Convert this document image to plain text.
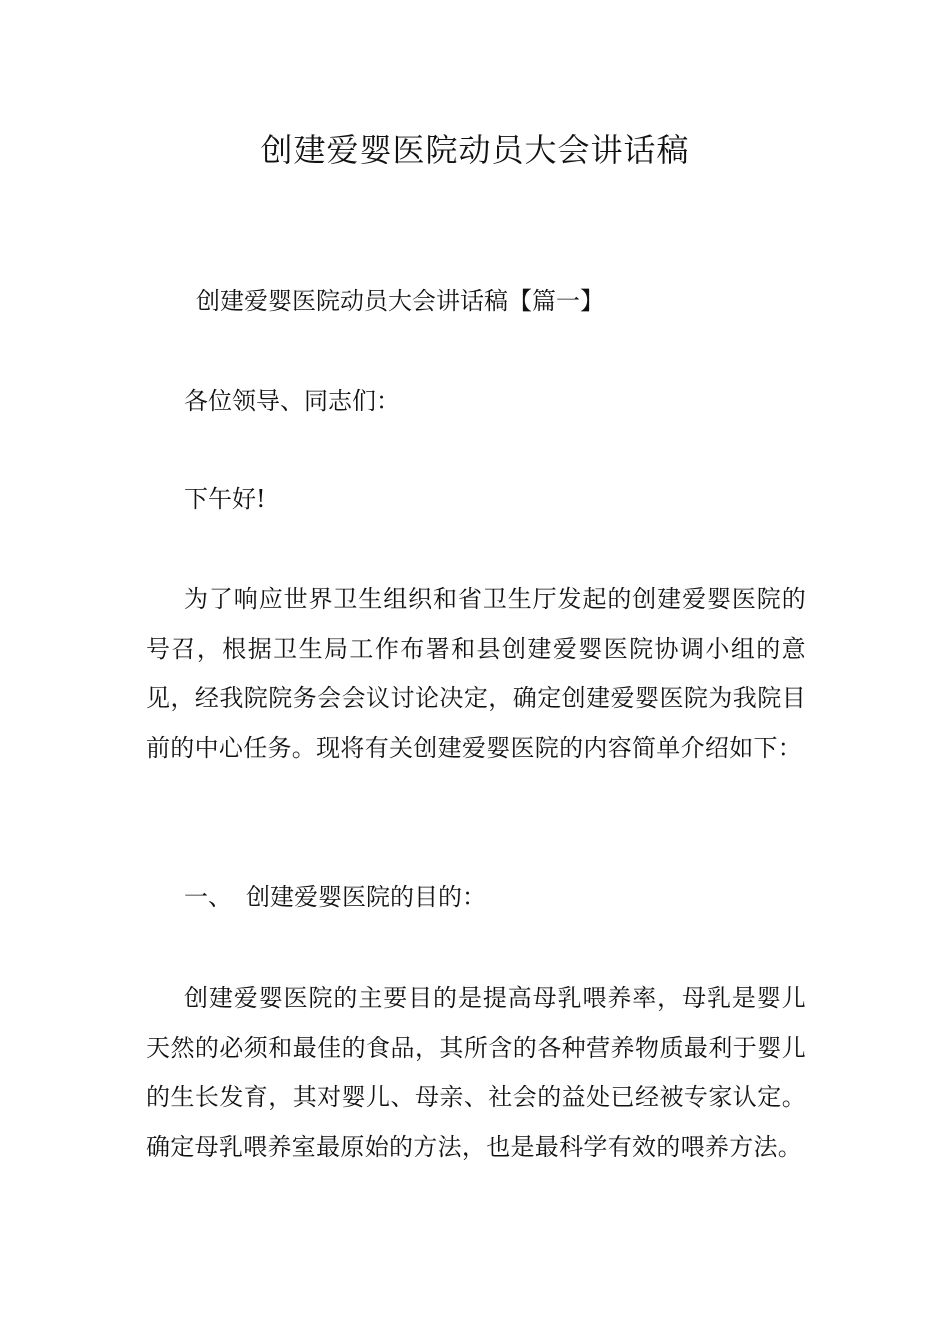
创建爱婴医院动员大会讲话稿
创建爱婴医院动员大会讲话稿【篇一】
各位领导、同志们：
下午好!

为了响应世界卫生组织和省卫生厅发起的创建爱婴医院的号召，根据卫生局工作布署和县创建爱婴医院协调小组的意见，经我院院务会会议讨论决定，确定创建爱婴医院为我院目前的中心任务。现将有关创建爱婴医院的内容简单介绍如下：

一、 创建爱婴医院的目的：

创建爱婴医院的主要目的是提高母乳喂养率，母乳是婴儿天然的必须和最佳的食品，其所含的各种营养物质最利于婴儿的生长发育，其对婴儿、母亲、社会的益处已经被专家认定。确定母乳喂养室最原始的方法，也是最科学有效的喂养方法。
